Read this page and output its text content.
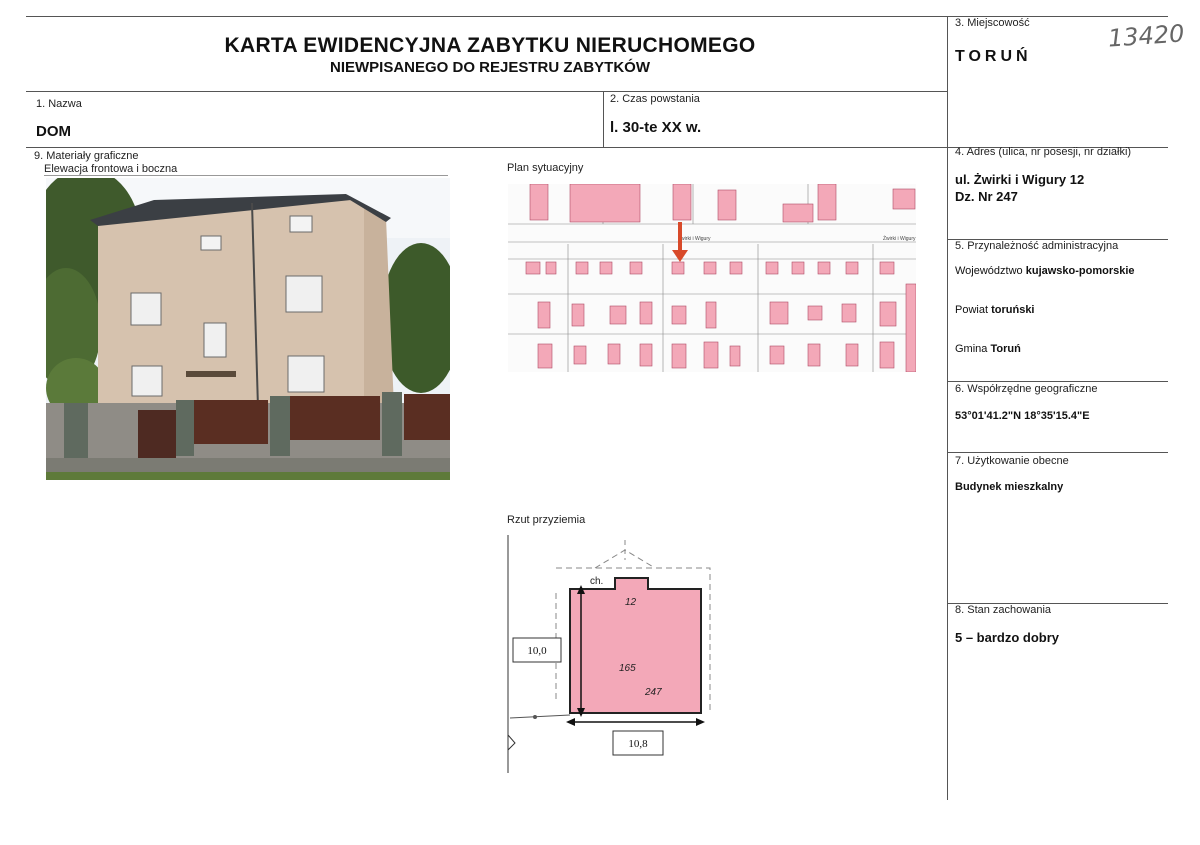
KARTA EWIDENCYJNA ZABYTKU NIERUCHOMEGO
NIEWPISANEGO DO REJESTRU ZABYTKÓW
13420
3. Miejscowość
TORUŃ
1. Nazwa
DOM
2. Czas powstania
l. 30-te XX w.
9. Materiały graficzne
Elewacja frontowa i boczna	Plan sytuacyjny
Rzut przyziemia
Żwirki i Wigury	Żwirki i Wigury
ch.
12
165
247
10,0
10,8
4. Adres (ulica, nr posesji, nr działki)
ul. Żwirki i Wigury 12
Dz. Nr 247
5. Przynależność administracyjna
Województwo kujawsko-pomorskie
Powiat toruński
Gmina Toruń
6. Współrzędne geograficzne
53°01'41.2"N 18°35'15.4"E
7. Użytkowanie obecne
Budynek mieszkalny
8. Stan zachowania
5 – bardzo dobry
